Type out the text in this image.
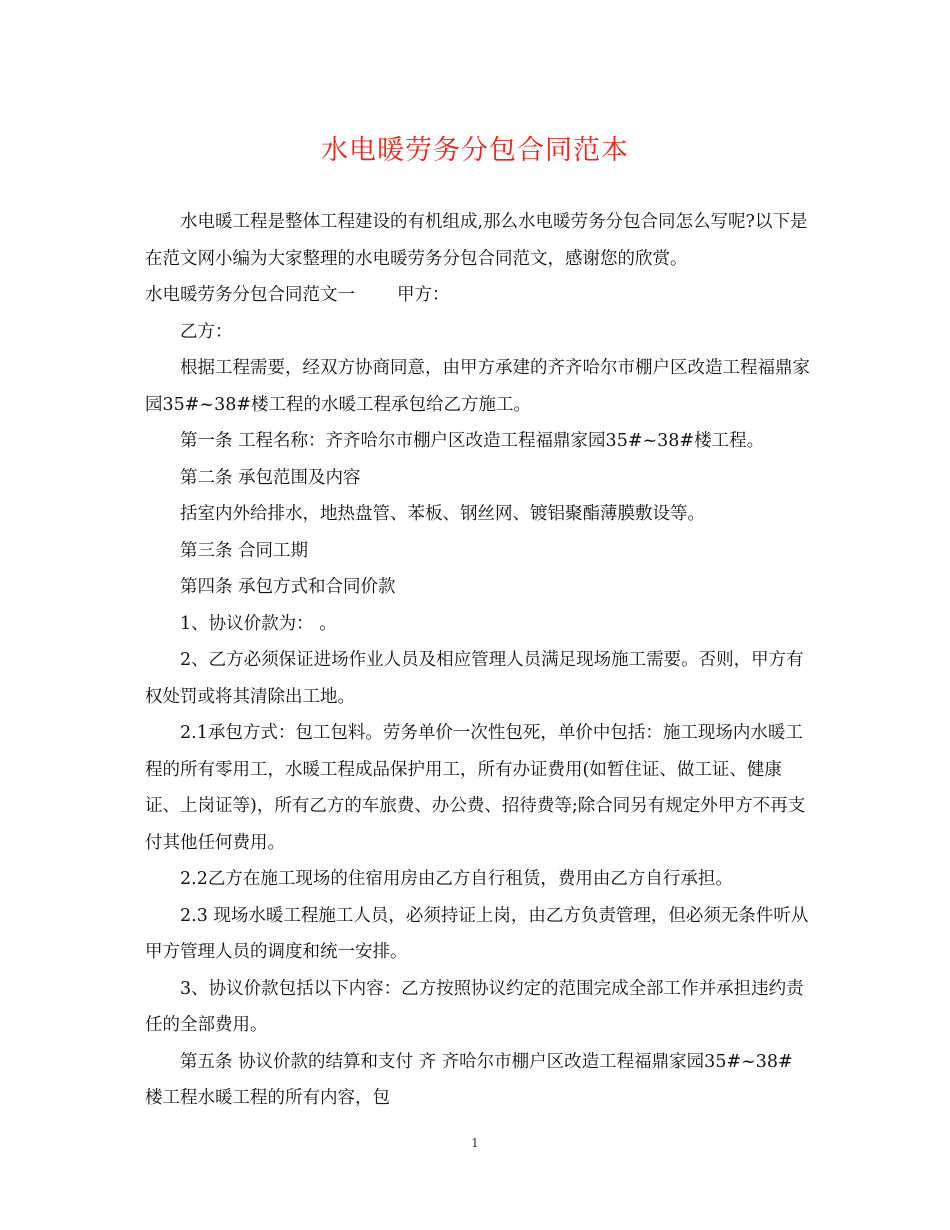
水电暖劳务分包合同范本

水电暖工程是整体工程建设的有机组成,那么水电暖劳务分包合同怎么写呢?以下是在范文网小编为大家整理的水电暖劳务分包合同范文，感谢您的欣赏。

水电暖劳务分包合同范文一 甲方：

乙方：

根据工程需要，经双方协商同意，由甲方承建的齐齐哈尔市棚户区改造工程福鼎家园35#~38#楼工程的水暖工程承包给乙方施工。

第一条 工程名称：齐齐哈尔市棚户区改造工程福鼎家园35#~38#楼工程。

第二条 承包范围及内容

括室内外给排水，地热盘管、苯板、钢丝网、镀铝聚酯薄膜敷设等。

第三条 合同工期

第四条 承包方式和合同价款

1、协议价款为： 。

2、乙方必须保证进场作业人员及相应管理人员满足现场施工需要。否则，甲方有权处罚或将其清除出工地。

2.1承包方式：包工包料。劳务单价一次性包死，单价中包括：施工现场内水暖工程的所有零用工，水暖工程成品保护用工，所有办证费用(如暂住证、做工证、健康证、上岗证等)，所有乙方的车旅费、办公费、招待费等;除合同另有规定外甲方不再支付其他任何费用。

2.2乙方在施工现场的住宿用房由乙方自行租赁，费用由乙方自行承担。

2.3 现场水暖工程施工人员，必须持证上岗，由乙方负责管理，但必须无条件听从甲方管理人员的调度和统一安排。

3、协议价款包括以下内容：乙方按照协议约定的范围完成全部工作并承担违约责任的全部费用。

第五条 协议价款的结算和支付 齐 齐哈尔市棚户区改造工程福鼎家园35#~38#楼工程水暖工程的所有内容，包

1
